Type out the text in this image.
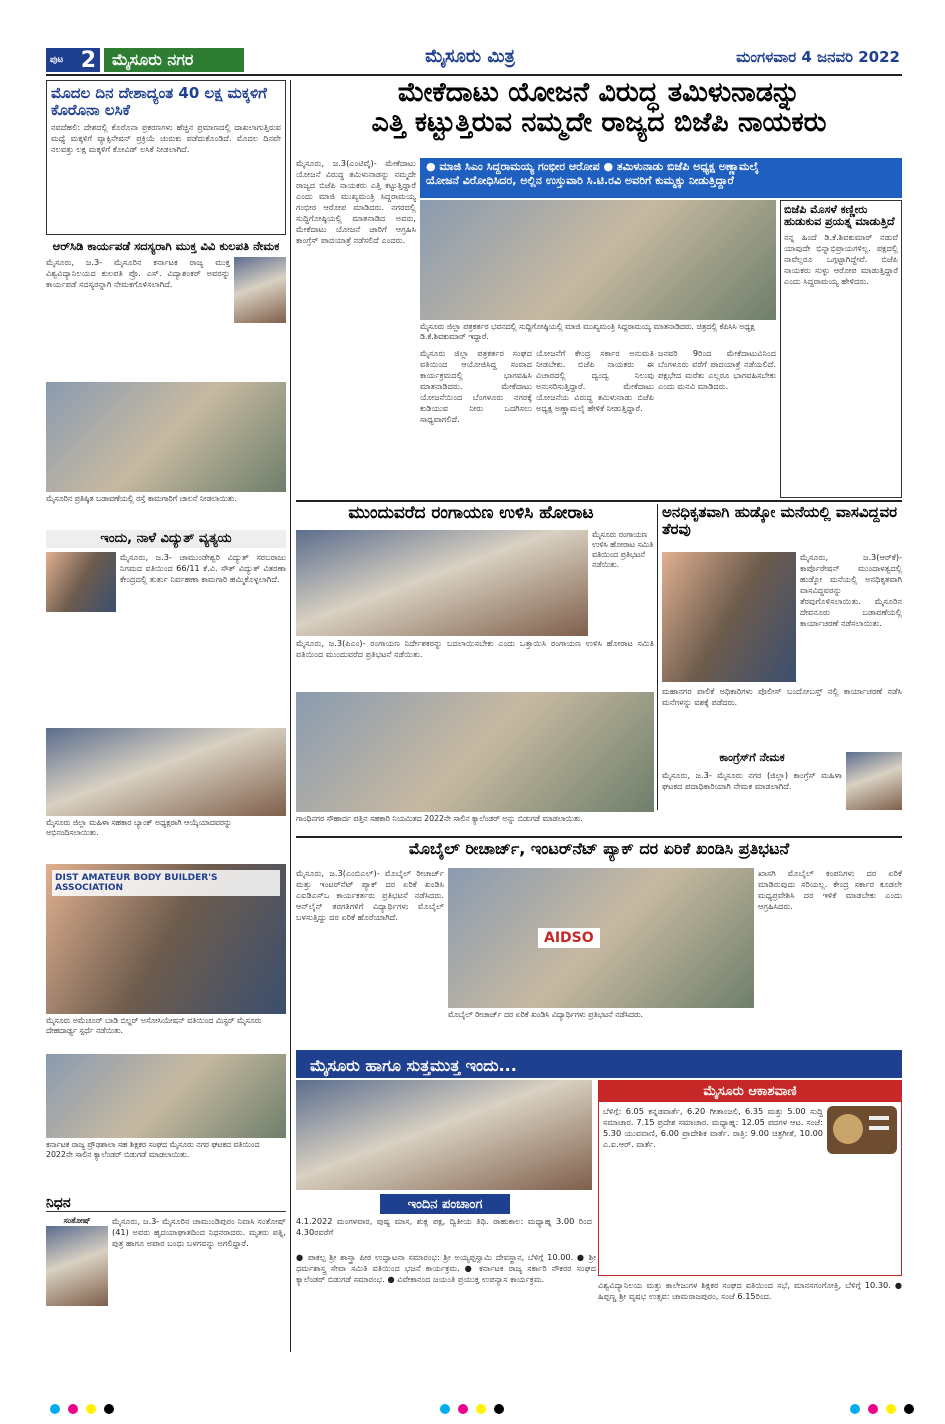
ಪುಟ 2	ಮೈಸೂರು ನಗರ	ಮೈಸೂರು ಮಿತ್ರ	ಮಂಗಳವಾರ 4 ಜನವರಿ 2022
ಮೊದಲ ದಿನ ದೇಶಾದ್ಯಂತ 40 ಲಕ್ಷ ಮಕ್ಕಳಿಗೆ ಕೊರೊನಾ ಲಸಿಕೆ
ನವದೆಹಲಿ: ದೇಶದಲ್ಲಿ ಕೊರೊನಾ ಪ್ರಕರಣಗಳು ಹೆಚ್ಚಿನ ಪ್ರಮಾಣದಲ್ಲಿ ದಾಖಲಾಗುತ್ತಿರುವ ಮಧ್ಯೆ ಮಕ್ಕಳಿಗೆ ವ್ಯಾಕ್ಸಿನೇಷನ್ ಪ್ರಕ್ರಿಯೆ ಚುರುಕು ಪಡೆದುಕೊಂಡಿದೆ. ಮೊದಲ ದಿನವೇ ನಲವತ್ತು ಲಕ್ಷ ಮಕ್ಕಳಿಗೆ ಕೋವಿಡ್ ಲಸಿಕೆ ನೀಡಲಾಗಿದೆ.
ಆರ್‌ಸಿಡಿ ಕಾರ್ಯಪಡೆ ಸದಸ್ಯರಾಗಿ ಮುಕ್ತ ವಿವಿ ಕುಲಪತಿ ನೇಮಕ
ಮೈಸೂರು, ಜ.3- ಮೈಸೂರಿನ ಕರ್ನಾಟಕ ರಾಜ್ಯ ಮುಕ್ತ ವಿಶ್ವವಿದ್ಯಾನಿಲಯದ ಕುಲಪತಿ ಪ್ರೊ. ಎಸ್. ವಿದ್ಯಾಶಂಕರ್ ಅವರನ್ನು ಕಾರ್ಯಪಡೆ ಸದಸ್ಯರನ್ನಾಗಿ ನೇಮಕಗೊಳಿಸಲಾಗಿದೆ.
ಮೈಸೂರಿನ ಪ್ರತಿಷ್ಠಿತ ಬಡಾವಣೆಯಲ್ಲಿ ರಸ್ತೆ ಕಾಮಗಾರಿಗೆ ಚಾಲನೆ ನೀಡಲಾಯಿತು.
ಇಂದು, ನಾಳೆ ವಿದ್ಯುತ್ ವ್ಯತ್ಯಯ
ಮೈಸೂರು, ಜ.3- ಚಾಮುಂಡೇಶ್ವರಿ ವಿದ್ಯುತ್ ಸರಬರಾಜು ನಿಗಮದ ವತಿಯಿಂದ 66/11 ಕೆ.ವಿ. ಸೌತ್ ವಿದ್ಯುತ್ ವಿತರಣಾ ಕೇಂದ್ರದಲ್ಲಿ ತುರ್ತು ನಿರ್ವಹಣಾ ಕಾಮಗಾರಿ ಹಮ್ಮಿಕೊಳ್ಳಲಾಗಿದೆ.
ಮೈಸೂರು ಜಿಲ್ಲಾ ಮಹಿಳಾ ಸಹಕಾರ ಬ್ಯಾಂಕ್ ಅಧ್ಯಕ್ಷರಾಗಿ ಆಯ್ಕೆಯಾದವರನ್ನು ಅಭಿನಂದಿಸಲಾಯಿತು.
DIST AMATEUR BODY BUILDER'S ASSOCIATION
ಮೈಸೂರು ಅಮೆಚೂರ್ ಬಾಡಿ ಬಿಲ್ಡರ್ ಅಸೋಸಿಯೇಷನ್ ವತಿಯಿಂದ ಮಿಸ್ಟರ್ ಮೈಸೂರು ದೇಹದಾರ್ಢ್ಯ ಸ್ಪರ್ಧೆ ನಡೆಯಿತು.
ಕರ್ನಾಟಕ ರಾಜ್ಯ ಪ್ರೌಢಶಾಲಾ ಸಹ ಶಿಕ್ಷಕರ ಸಂಘದ ಮೈಸೂರು ನಗರ ಘಟಕದ ವತಿಯಿಂದ 2022ನೇ ಸಾಲಿನ ಕ್ಯಾಲೆಂಡರ್ ಬಿಡುಗಡೆ ಮಾಡಲಾಯಿತು.
ನಿಧನ
ಸಂತೋಷ್	ಮೈಸೂರು, ಜ.3- ಮೈಸೂರಿನ ಚಾಮುಂಡಿಪುರಂ ನಿವಾಸಿ ಸಂತೋಷ್ (41) ಅವರು ಹೃದಯಾಘಾತದಿಂದ ನಿಧನರಾದರು. ಮೃತರು ಪತ್ನಿ, ಪುತ್ರ ಹಾಗೂ ಅಪಾರ ಬಂಧು ಬಳಗವನ್ನು ಅಗಲಿದ್ದಾರೆ.
ಮೇಕೆದಾಟು ಯೋಜನೆ ವಿರುದ್ಧ ತಮಿಳುನಾಡನ್ನು
ಎತ್ತಿ ಕಟ್ಟುತ್ತಿರುವ ನಮ್ಮದೇ ರಾಜ್ಯದ ಬಿಜೆಪಿ ನಾಯಕರು
ಮೈಸೂರು, ಜ.3(ಎಂಟಿವೈ)- ಮೇಕೆದಾಟು ಯೋಜನೆ ವಿರುದ್ಧ ತಮಿಳುನಾಡನ್ನು ನಮ್ಮದೇ ರಾಜ್ಯದ ಬಿಜೆಪಿ ನಾಯಕರು ಎತ್ತಿ ಕಟ್ಟುತ್ತಿದ್ದಾರೆ ಎಂದು ಮಾಜಿ ಮುಖ್ಯಮಂತ್ರಿ ಸಿದ್ದರಾಮಯ್ಯ ಗಂಭೀರ ಆರೋಪ ಮಾಡಿದರು. ನಗರದಲ್ಲಿ ಸುದ್ದಿಗೋಷ್ಠಿಯಲ್ಲಿ ಮಾತನಾಡಿದ ಅವರು, ಮೇಕೆದಾಟು ಯೋಜನೆ ಜಾರಿಗೆ ಆಗ್ರಹಿಸಿ ಕಾಂಗ್ರೆಸ್ ಪಾದಯಾತ್ರೆ ನಡೆಸಲಿದೆ ಎಂದರು.
● ಮಾಜಿ ಸಿಎಂ ಸಿದ್ದರಾಮಯ್ಯ ಗಂಭೀರ ಆರೋಪ ● ತಮಿಳುನಾಡು ಬಿಜೆಪಿ ಅಧ್ಯಕ್ಷ ಅಣ್ಣಾಮಲೈ
ಯೋಜನೆ ವಿರೋಧಿಸಿದರ, ಅಲ್ಲಿನ ಉಸ್ತುವಾರಿ ಸಿ.ಟಿ.ರವಿ ಅವರಿಗೆ ಕುಮ್ಮಕ್ಕು ನೀಡುತ್ತಿದ್ದಾರೆ
ಮೈಸೂರು ಜಿಲ್ಲಾ ಪತ್ರಕರ್ತರ ಭವನದಲ್ಲಿ ಸುದ್ದಿಗೋಷ್ಠಿಯಲ್ಲಿ ಮಾಜಿ ಮುಖ್ಯಮಂತ್ರಿ ಸಿದ್ದರಾಮಯ್ಯ ಮಾತನಾಡಿದರು. ಚಿತ್ರದಲ್ಲಿ ಕೆಪಿಸಿಸಿ ಅಧ್ಯಕ್ಷ ಡಿ.ಕೆ.ಶಿವಕುಮಾರ್ ಇದ್ದಾರೆ.
ಬಿಜೆಪಿ ಮೊಸಳೆ ಕಣ್ಣೀರು ಹುಡುಕುವ ಪ್ರಯತ್ನ ಮಾಡುತ್ತಿದೆ
ನನ್ನ ಹಿಂದೆ ಡಿ.ಕೆ.ಶಿವಕುಮಾರ್ ನಡುವೆ ಯಾವುದೇ ಭಿನ್ನಾಭಿಪ್ರಾಯಗಳಿಲ್ಲ. ಪಕ್ಷದಲ್ಲಿ ನಾವೆಲ್ಲರೂ ಒಗ್ಗಟ್ಟಾಗಿದ್ದೇವೆ. ಬಿಜೆಪಿ ನಾಯಕರು ಸುಳ್ಳು ಆರೋಪ ಮಾಡುತ್ತಿದ್ದಾರೆ ಎಂದು ಸಿದ್ದರಾಮಯ್ಯ ಹೇಳಿದರು.
ಮೈಸೂರು ಜಿಲ್ಲಾ ಪತ್ರಕರ್ತರ ಸಂಘದ ವತಿಯಿಂದ ಆಯೋಜಿಸಿದ್ದ ಸಂವಾದ ಕಾರ್ಯಕ್ರಮದಲ್ಲಿ ಭಾಗವಹಿಸಿ ಮಾತನಾಡಿದರು. ಮೇಕೆದಾಟು ಯೋಜನೆಯಿಂದ ಬೆಂಗಳೂರು ನಗರಕ್ಕೆ ಕುಡಿಯುವ ನೀರು ಒದಗಿಸಲು ಸಾಧ್ಯವಾಗಲಿದೆ.
ಯೋಜನೆಗೆ ಕೇಂದ್ರ ಸರ್ಕಾರ ಅನುಮತಿ ನೀಡಬೇಕು. ಬಿಜೆಪಿ ನಾಯಕರು ಈ ವಿಚಾರದಲ್ಲಿ ದ್ವಂದ್ವ ನಿಲುವು ಅನುಸರಿಸುತ್ತಿದ್ದಾರೆ. ಮೇಕೆದಾಟು ಯೋಜನೆಯ ವಿರುದ್ಧ ತಮಿಳುನಾಡು ಬಿಜೆಪಿ ಅಧ್ಯಕ್ಷ ಅಣ್ಣಾಮಲೈ ಹೇಳಿಕೆ ನೀಡುತ್ತಿದ್ದಾರೆ.
ಜನವರಿ 9ರಿಂದ ಮೇಕೆದಾಟುವಿನಿಂದ ಬೆಂಗಳೂರು ವರೆಗೆ ಪಾದಯಾತ್ರೆ ನಡೆಯಲಿದೆ. ಪಕ್ಷಭೇದ ಮರೆತು ಎಲ್ಲರೂ ಭಾಗವಹಿಸಬೇಕು ಎಂದು ಮನವಿ ಮಾಡಿದರು.
ಮುಂದುವರೆದ ರಂಗಾಯಣ ಉಳಿಸಿ ಹೋರಾಟ
ಮೈಸೂರು ರಂಗಾಯಣ ಉಳಿಸಿ ಹೋರಾಟ ಸಮಿತಿ ವತಿಯಿಂದ ಪ್ರತಿಭಟನೆ ನಡೆಯಿತು.
ಮೈಸೂರು, ಜ.3(ಪಿಎಂ)- ರಂಗಾಯಣ ನಿರ್ದೇಶಕರನ್ನು ಬದಲಾಯಿಸಬೇಕು ಎಂದು ಒತ್ತಾಯಿಸಿ ರಂಗಾಯಣ ಉಳಿಸಿ ಹೋರಾಟ ಸಮಿತಿ ವತಿಯಿಂದ ಮುಂದುವರೆದ ಪ್ರತಿಭಟನೆ ನಡೆಯಿತು.
ಗಾಂಧಿನಗರ ಸೌಹಾರ್ದ ಪತ್ತಿನ ಸಹಕಾರಿ ನಿಯಮಿತದ 2022ನೇ ಸಾಲಿನ ಕ್ಯಾಲೆಂಡರ್ ಅನ್ನು ಬಿಡುಗಡೆ ಮಾಡಲಾಯಿತು.
ಅನಧಿಕೃತವಾಗಿ ಹುಡ್ಕೋ ಮನೆಯಲ್ಲಿ ವಾಸವಿದ್ದವರ ತೆರವು
ಮೈಸೂರು, ಜ.3(ಆರ್‌ಕೆ)- ಕಾರ್ಪೊರೇಷನ್ ಮುಂದಾಳತ್ವದಲ್ಲಿ ಹುಡ್ಕೋ ಮನೆಯಲ್ಲಿ ಅನಧಿಕೃತವಾಗಿ ವಾಸವಿದ್ದವರನ್ನು ತೆರವುಗೊಳಿಸಲಾಯಿತು. ಮೈಸೂರಿನ ದೇವನೂರು ಬಡಾವಣೆಯಲ್ಲಿ ಕಾರ್ಯಾಚರಣೆ ನಡೆಸಲಾಯಿತು.
ಮಹಾನಗರ ಪಾಲಿಕೆ ಅಧಿಕಾರಿಗಳು ಪೊಲೀಸ್ ಬಂದೋಬಸ್ತ್ ನಲ್ಲಿ ಕಾರ್ಯಾಚರಣೆ ನಡೆಸಿ ಮನೆಗಳನ್ನು ವಶಕ್ಕೆ ಪಡೆದರು.
ಕಾಂಗ್ರೆಸ್‌ಗೆ ನೇಮಕ
ಮೈಸೂರು, ಜ.3- ಮೈಸೂರು ನಗರ (ಜಿಲ್ಲಾ) ಕಾಂಗ್ರೆಸ್ ಮಹಿಳಾ ಘಟಕದ ಪದಾಧಿಕಾರಿಯಾಗಿ ನೇಮಕ ಮಾಡಲಾಗಿದೆ.
ಮೊಬೈಲ್ ರೀಚಾರ್ಜ್, ಇಂಟರ್‌ನೆಟ್ ಪ್ಯಾಕ್ ದರ ಏರಿಕೆ ಖಂಡಿಸಿ ಪ್ರತಿಭಟನೆ
ಮೈಸೂರು, ಜ.3(ಎಂಬಿಎಲ್)- ಮೊಬೈಲ್ ರೀಚಾರ್ಜ್ ಮತ್ತು ಇಂಟರ್‌ನೆಟ್ ಪ್ಯಾಕ್ ದರ ಏರಿಕೆ ಖಂಡಿಸಿ ಎಐಡಿಎಸ್‌ಒ ಕಾರ್ಯಕರ್ತರು ಪ್ರತಿಭಟನೆ ನಡೆಸಿದರು. ಆನ್‌ಲೈನ್ ತರಗತಿಗಳಿಗೆ ವಿದ್ಯಾರ್ಥಿಗಳು ಮೊಬೈಲ್ ಬಳಸುತ್ತಿದ್ದು ದರ ಏರಿಕೆ ಹೊರೆಯಾಗಿದೆ.
AIDSO
ಮೊಬೈಲ್ ರೀಚಾರ್ಜ್ ದರ ಏರಿಕೆ ಖಂಡಿಸಿ ವಿದ್ಯಾರ್ಥಿಗಳು ಪ್ರತಿಭಟನೆ ನಡೆಸಿದರು.
ಖಾಸಗಿ ಮೊಬೈಲ್ ಕಂಪನಿಗಳು ದರ ಏರಿಕೆ ಮಾಡಿರುವುದು ಸರಿಯಲ್ಲ. ಕೇಂದ್ರ ಸರ್ಕಾರ ಕೂಡಲೇ ಮಧ್ಯಪ್ರವೇಶಿಸಿ ದರ ಇಳಿಕೆ ಮಾಡಬೇಕು ಎಂದು ಆಗ್ರಹಿಸಿದರು.
ಮೈಸೂರು ಹಾಗೂ ಸುತ್ತಮುತ್ತ ಇಂದು...
ಇಂದಿನ ಪಂಚಾಂಗ
4.1.2022 ಮಂಗಳವಾರ, ಪುಷ್ಯ ಮಾಸ, ಶುಕ್ಲ ಪಕ್ಷ, ದ್ವಿತೀಯ ತಿಥಿ. ರಾಹುಕಾಲ: ಮಧ್ಯಾಹ್ನ 3.00 ರಿಂದ 4.30ರವರೆಗೆ
● ಪಾಕಲ್ಪ ಶ್ರೀ ಶಾಸ್ತ್ರಾ ಪೀಠ ಉದ್ಘಾಟನಾ ಸಮಾರಂಭ: ಶ್ರೀ ಅಯ್ಯಪ್ಪಸ್ವಾಮಿ ದೇವಸ್ಥಾನ, ಬೆಳಿಗ್ಗೆ 10.00. ● ಶ್ರೀ ಧರ್ಮಶಾಸ್ತ್ರ ಸೇವಾ ಸಮಿತಿ ವತಿಯಿಂದ ಭಜನೆ ಕಾರ್ಯಕ್ರಮ. ● ಕರ್ನಾಟಕ ರಾಜ್ಯ ಸರ್ಕಾರಿ ನೌಕರರ ಸಂಘದ ಕ್ಯಾಲೆಂಡರ್ ಬಿಡುಗಡೆ ಸಮಾರಂಭ. ● ವಿವೇಕಾನಂದ ಜಯಂತಿ ಪ್ರಯುಕ್ತ ಉಪನ್ಯಾಸ ಕಾರ್ಯಕ್ರಮ.
ಮೈಸೂರು ಆಕಾಶವಾಣಿ
ಬೆಳಿಗ್ಗೆ: 6.05 ಕನ್ನಡವಾರ್ತೆ, 6.20 ಗೀತಾಂಜಲಿ, 6.35 ಮತ್ತು 5.00 ಸುದ್ದಿ ಸಮಾಚಾರ. 7.15 ಪ್ರದೇಶ ಸಮಾಚಾರ. ಮಧ್ಯಾಹ್ನ: 12.05 ಪದಗಳ ಆಟ. ಸಂಜೆ: 5.30 ಯುವವಾಣಿ, 6.00 ಪ್ರಾದೇಶಿಕ ವಾರ್ತೆ. ರಾತ್ರಿ: 9.00 ಚಿತ್ರಗೀತೆ, 10.00 ಎ.ಐ.ಆರ್. ವಾರ್ತೆ.
ವಿಶ್ವವಿದ್ಯಾನಿಲಯ ಮತ್ತು ಕಾಲೇಜುಗಳ ಶಿಕ್ಷಕರ ಸಂಘದ ವತಿಯಿಂದ ಸಭೆ, ಮಾನಸಗಂಗೋತ್ರಿ, ಬೆಳಿಗ್ಗೆ 10.30. ● ಹಿಪ್ಪಣ್ಣ ಶ್ರೀ ವೃಷಭ ಉತ್ಸವ: ಚಾಮರಾಜಪುರಂ, ಸಂಜೆ 6.15ರಿಂದ.
